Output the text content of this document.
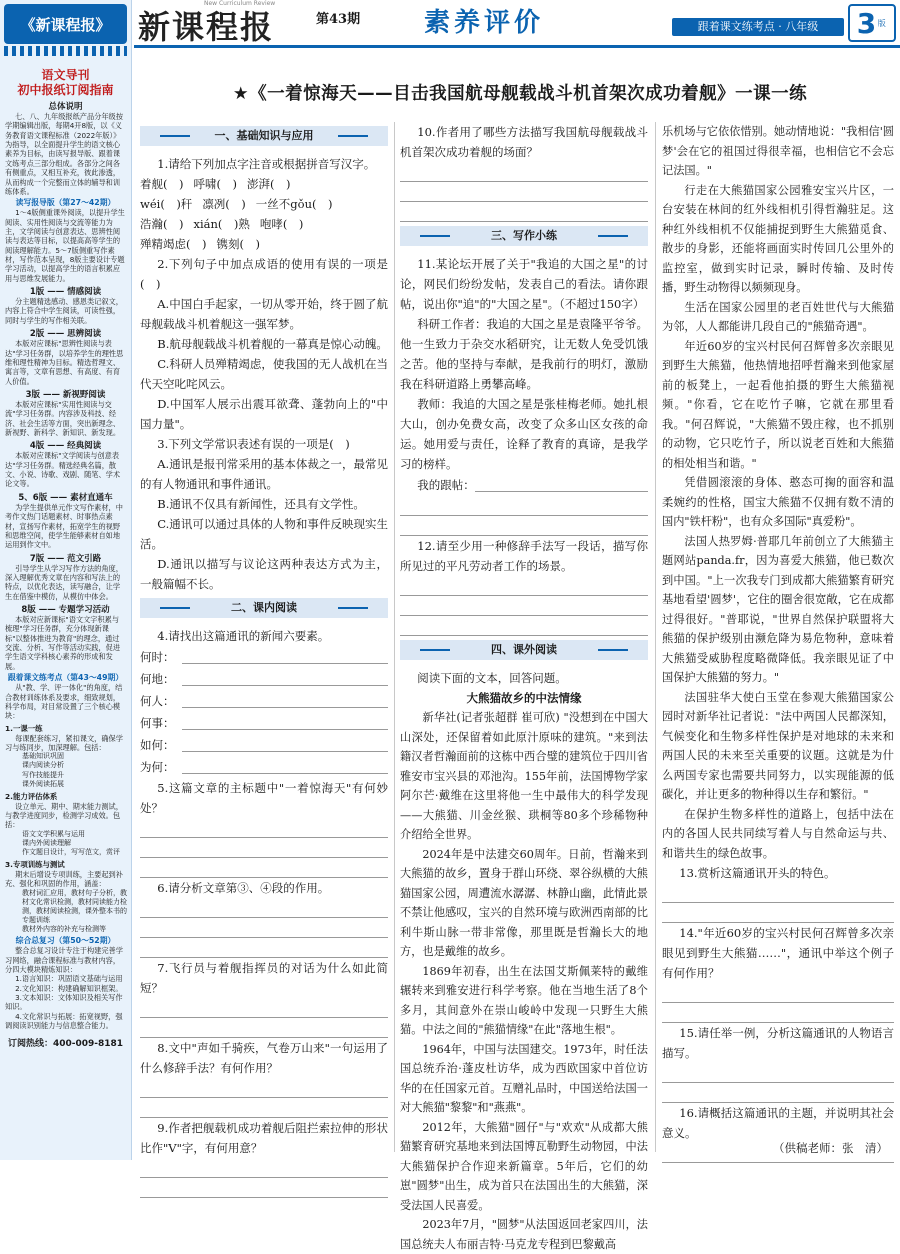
《新课程报》
语文导刊
初中报纸订阅指南
总体说明
七、八、九年级报纸产品分年级按学期编辑出版，每期4开8版，以《义务教育语文课程标准（2022年版）》为指导，以全面提升学生的语文核心素养为目标，由读写报导版、跟着课文练考点三部分组成。各部分之间各有侧重点，又相互补充，彼此渗透，从而构成一个完整而立体的辅导和训练体系。
读写报导版（第27～42期）
1～4版侧重课外阅读，以提升学生阅读、实用性阅读与交流等能力为主，文学阅读与创意表达、思辨性阅读与表达等目标，以提高高等学生的阅读理解能力。5～7版侧重写作素材，写作范本呈现，8版主要设计专题学习活动，以提高学生的语言积累应用与思维发展能力。
1版 —— 情感阅读
分主题精选感动、感恩类记叙文，内容上符合中学生阅读，可读性强，同时与学生的写作相关联。
2版 —— 思辨阅读
本版对应课标"思辨性阅读与表达"学习任务群，以培养学生的理性思维和理性精神为目标。精选哲理文、寓言等，文章有思想、有高度、有育人价值。
3版 —— 新视野阅读
本版对应课标"实用性阅读与交流"学习任务群。内容涉及科技、经济、社会生活等方面，突出新理念、新视野、新科学、新知识、新发现。
4版 —— 经典阅读
本版对应课标"文学阅读与创意表达"学习任务群。精选经典名篇，散文、小说、诗歌、戏剧、随笔、学术论文等。
5、6版 —— 素材直通车
为学生提供单元作文写作素材，中考作文热门话题素材、时事热点素材，宣扬写作素材，拓宽学生的视野和思维空间，使学生能够素材自如地运用到作文中。
7版 —— 范文引路
引导学生从学习写作方法的角度，深入理解优秀文章在内容和写法上的特点，以优化表达，读写融合，让学生在借鉴中模仿，从模仿中体会。
8版 —— 专题学习活动
本版对应新课标"语文文字积累与梳理"学习任务群，充分体现新课标"以整体推进为教育"的理念，通过交流、分析、写作等活动实践，促进学生语文学科核心素养的形成和发展。
跟着课文练考点（第43～49期）
从"教、学、评一体化"的角度，结合教材训练体系及要求，细致规划，科学布局，对目常设置了三个核心模块：
1.一课一练
每课配套练习，紧扣课文，确保学习与练同步，加深理解。包括：
基础知识巩固
课内阅读分析
写作技能提升
课外阅读拓展
2.能力评估体系
设立单元、期中、期末能力测试，与教学进度同步，检测学习成效。包括：
语文文学积累与运用
课内外阅读理解
作文题目设计，写写范文，赏评
3.专项训练与测试
期末后增设专项训练，主要起到补充、强化和巩固的作用，涵盖：
教材词汇应用，教材句子分析，教材文化常识检测，教材同读能力检测，教材阅读检测，课外整本书的专题训练
教材外内容的补充与检测等
综合总复习（第50～52期）
整合总复习设计专注于构建完善学习网络，融合课程标准与教材内容，分四大模块精炼知识：
1.语言知识：巩固语文基础与运用
2.文化知识：构建确解知识框架。
3.文本知识：文体知识及相关写作知识。
4.文化常识与拓展：拓宽视野，强调阅读识别能力与信息整合能力。
订阅热线：400-009-8181
新课程报
New Curriculum Review
第43期 素养评价	跟着课文练考点 · 八年级	3 版
★《一着惊海天——目击我国航母舰载战斗机首架次成功着舰》一课一练
一、基础知识与应用
1.请给下列加点字注音或根据拼音写汉字。
着舰(　) 呼啸(　) 澎湃(　)
wéi(　)秆 凛冽(　) 一丝不gǒu(　)
浩瀚(　) xián(　)熟 咆哮(　)
殚精竭虑(　) 镌刻(　)
2.下列句子中加点成语的使用有误的一项是(　)
A.中国白手起家，一切从零开始，终于圆了航母舰载战斗机着舰这一强军梦。
B.航母舰载战斗机着舰的一幕真是惊心动魄。
C.科研人员殚精竭虑，使我国的无人战机在当代天空叱咤风云。
D.中国军人展示出震耳欲聋、蓬勃向上的"中国力量"。
3.下列文学常识表述有误的一项是(　)
A.通讯是报刊常采用的基本体裁之一，最常见的有人物通讯和事件通讯。
B.通讯不仅具有新闻性，还具有文学性。
C.通讯可以通过具体的人物和事件反映现实生活。
D.通讯以描写与议论这两种表达方式为主，一般篇幅不长。
二、课内阅读
4.请找出这篇通讯的新闻六要素。
何时：
何地：
何人：
何事：
如何：
为何：
5.这篇文章的主标题中"一着惊海天"有何妙处？
6.请分析文章第③、④段的作用。
7.飞行员与着舰指挥员的对话为什么如此简短？
8.文中"声如千骑疾，气卷万山来"一句运用了什么修辞手法？有何作用？
9.作者把舰载机成功着舰后阻拦索拉伸的形状比作"V"字，有何用意？
10.作者用了哪些方法描写我国航母舰载战斗机首架次成功着舰的场面？
三、写作小练
11.某论坛开展了关于"我追的大国之星"的讨论，网民们纷纷发帖，发表自己的看法。请你跟帖，说出你"追"的"大国之星"。（不超过150字）
科研工作者：我追的大国之星是袁隆平爷爷。他一生致力于杂交水稻研究，让无数人免受饥饿之苦。他的坚持与奉献，是我前行的明灯，激励我在科研道路上勇攀高峰。
教师：我追的大国之星是张桂梅老师。她扎根大山，创办免费女高，改变了众多山区女孩的命运。她用爱与责任，诠释了教育的真谛，是我学习的榜样。
我的跟帖：
12.请至少用一种修辞手法写一段话，描写你所见过的平凡劳动者工作的场景。
四、课外阅读
阅读下面的文本，回答问题。
大熊猫故乡的中法情缘
新华社(记者张超群 崔可欣) "没想到在中国大山深处，还保留着如此原汁原味的建筑。"来到法籍汉者哲瀚面前的这栋中西合璧的建筑位于四川省雅安市宝兴县的邓池沟。155年前，法国博物学家阿尔芒·戴维在这里将他一生中最伟大的科学发现——大熊猫、川金丝猴、珙桐等80多个珍稀物种介绍给全世界。
2024年是中法建交60周年。日前，哲瀚来到大熊猫的故乡，置身于群山环绕、翠谷纵横的大熊猫国家公园，周遭流水潺潺、林静山幽，此情此景不禁让他感叹，宝兴的自然环境与欧洲西南部的比利牛斯山脉一带非常像，那里既是哲瀚长大的地方，也是戴维的故乡。
1869年初春，出生在法国艾斯佩莱特的戴维辗转来到雅安进行科学考察。他在当地生活了8个多月，其间意外在崇山峻岭中发现一只野生大熊猫。中法之间的"熊猫情缘"在此"落地生根"。
1964年，中国与法国建交。1973年，时任法国总统乔治·蓬皮杜访华，成为西欧国家中首位访华的在任国家元首。互赠礼品时，中国送给法国一对大熊猫"黎黎"和"燕燕"。
2012年，大熊猫"圆仔"与"欢欢"从成都大熊猫繁育研究基地来到法国博瓦勒野生动物园，中法大熊猫保护合作迎来新篇章。5年后，它们的幼崽"圆梦"出生，成为首只在法国出生的大熊猫，深受法国人民喜爱。
2023年7月，"圆梦"从法国返回老家四川，法国总统夫人布丽吉特·马克龙专程到巴黎戴高
乐机场与它依依惜别。她动情地说："我相信'圆梦'会在它的祖国过得很幸福，也相信它不会忘记法国。"
行走在大熊猫国家公园雅安宝兴片区，一台安装在林间的红外线相机引得哲瀚驻足。这种红外线相机不仅能捕捉到野生大熊猫觅食、散步的身影，还能将画面实时传回几公里外的监控室，做到实时记录，瞬时传输、及时传播，野生动物得以频频现身。
生活在国家公园里的老百姓世代与大熊猫为邻，人人都能讲几段自己的"熊猫奇遇"。
年近60岁的宝兴村民何召辉曾多次亲眼见到野生大熊猫，他热情地招呼哲瀚来到他家屋前的板凳上，一起看他拍摄的野生大熊猫视频。"你看，它在吃竹子嘛，它就在那里看我。"何召辉说，"大熊猫不毁庄稼，也不抓别的动物，它只吃竹子，所以说老百姓和大熊猫的相处相当和谐。"
凭借圆滚滚的身体、憨态可掬的面容和温柔婉约的性格，国宝大熊猫不仅拥有数不清的国内"铁杆粉"，也有众多国际"真爱粉"。
法国人热罗姆·普耶几年前创立了大熊猫主题网站panda.fr，因为喜爱大熊猫，他已数次到中国。"上一次我专门到成都大熊猫繁育研究基地看望'圆梦'，它住的圈舍很宽敞，它在成都过得很好。"普耶说，"世界自然保护联盟将大熊猫的保护级别由濒危降为易危物种，意味着大熊猫受威胁程度略微降低。我亲眼见证了中国保护大熊猫的努力。"
法国驻华大使白玉堂在参观大熊猫国家公园时对新华社记者说："法中两国人民都深知，气候变化和生物多样性保护是对地球的未来和两国人民的未来至关重要的议题。这就是为什么两国专家也需要共同努力，以实现能源的低碳化，并让更多的物种得以生存和繁衍。"
在保护生物多样性的道路上，包括中法在内的各国人民共同续写着人与自然命运与共、和谐共生的绿色故事。
13.赏析这篇通讯开头的特色。
14."年近60岁的宝兴村民何召辉曾多次亲眼见到野生大熊猫……"，通讯中举这个例子有何作用？
15.请任举一例，分析这篇通讯的人物语言描写。
16.请概括这篇通讯的主题，并说明其社会意义。
（供稿老师：张　清）
